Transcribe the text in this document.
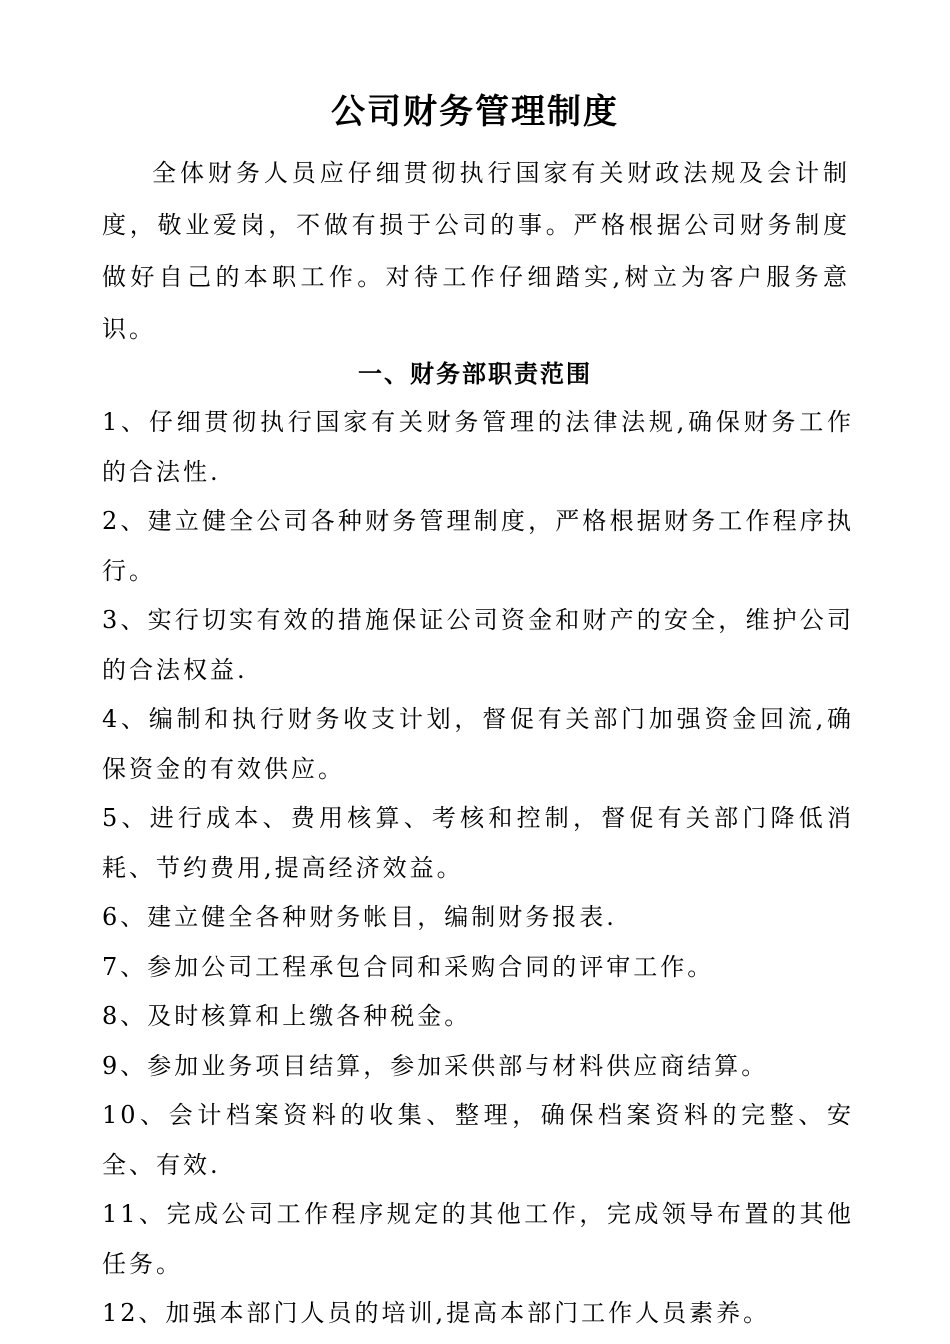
公司财务管理制度

全体财务人员应仔细贯彻执行国家有关财政法规及会计制度，敬业爱岗，不做有损于公司的事。严格根据公司财务制度做好自己的本职工作。对待工作仔细踏实,树立为客户服务意识。

一、财务部职责范围

1、仔细贯彻执行国家有关财务管理的法律法规,确保财务工作的合法性.

2、建立健全公司各种财务管理制度，严格根据财务工作程序执行。

3、实行切实有效的措施保证公司资金和财产的安全，维护公司的合法权益.

4、编制和执行财务收支计划，督促有关部门加强资金回流,确保资金的有效供应。

5、进行成本、费用核算、考核和控制，督促有关部门降低消耗、节约费用,提高经济效益。

6、建立健全各种财务帐目，编制财务报表.

7、参加公司工程承包合同和采购合同的评审工作。

8、及时核算和上缴各种税金。

9、参加业务项目结算，参加采供部与材料供应商结算。

10、会计档案资料的收集、整理，确保档案资料的完整、安全、有效.

11、完成公司工作程序规定的其他工作，完成领导布置的其他任务。

12、加强本部门人员的培训,提高本部门工作人员素养。
